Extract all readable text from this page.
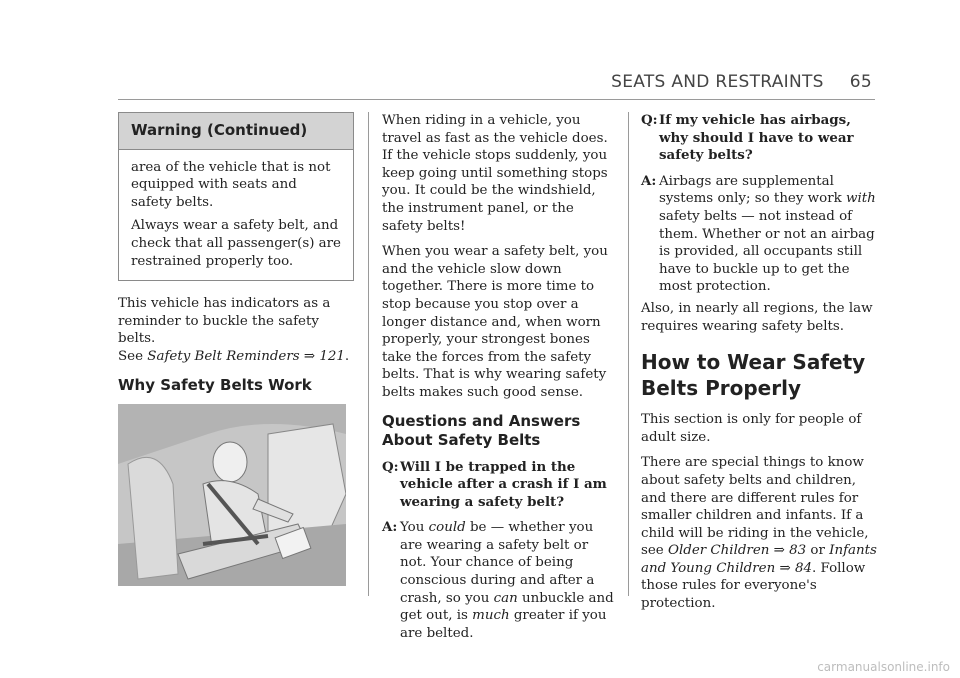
SEATS AND RESTRAINTS 65
Warning (Continued)

area of the vehicle that is not equipped with seats and safety belts.

Always wear a safety belt, and check that all passenger(s) are restrained properly too.

This vehicle has indicators as a reminder to buckle the safety belts.
See Safety Belt Reminders ⇒ 121.

Why Safety Belts Work

When riding in a vehicle, you travel as fast as the vehicle does. If the vehicle stops suddenly, you keep going until something stops you. It could be the windshield, the instrument panel, or the safety belts!

When you wear a safety belt, you and the vehicle slow down together. There is more time to stop because you stop over a longer distance and, when worn properly, your strongest bones take the forces from the safety belts. That is why wearing safety belts makes such good sense.

Questions and Answers About Safety Belts
Q: Will I be trapped in the vehicle after a crash if I am wearing a safety belt?
A: You could be — whether you are wearing a safety belt or not. Your chance of being conscious during and after a crash, so you can unbuckle and get out, is much greater if you are belted.
Q: If my vehicle has airbags, why should I have to wear safety belts?
A: Airbags are supplemental systems only; so they work with safety belts — not instead of them. Whether or not an airbag is provided, all occupants still have to buckle up to get the most protection.

Also, in nearly all regions, the law requires wearing safety belts.

How to Wear Safety Belts Properly

This section is only for people of adult size.

There are special things to know about safety belts and children, and there are different rules for smaller children and infants. If a child will be riding in the vehicle, see Older Children ⇒ 83 or Infants and Young Children ⇒ 84. Follow those rules for everyone's protection.

carmanualsonline.info
